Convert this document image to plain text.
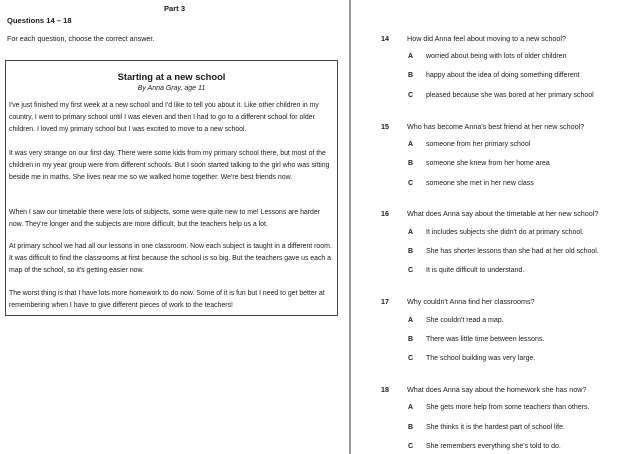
Part 3
Questions 14 – 18
For each question, choose the correct answer.
Starting at a new school
By Anna Gray, age 11

I've just finished my first week at a new school and I'd like to tell you about it. Like other children in my country, I went to primary school until I was eleven and then I had to go to a different school for older children. I loved my primary school but I was excited to move to a new school.

It was very strange on our first day. There were some kids from my primary school there, but most of the children in my year group were from different schools. But I soon started talking to the girl who was sitting beside me in maths. She lives near me so we walked home together. We're best friends now.

When I saw our timetable there were lots of subjects, some were quite new to me! Lessons are harder now. They're longer and the subjects are more difficult, but the teachers help us a lot.

At primary school we had all our lessons in one classroom. Now each subject is taught in a different room. It was difficult to find the classrooms at first because the school is so big. But the teachers gave us each a map of the school, so it's getting easier now.

The worst thing is that I have lots more homework to do now. Some of it is fun but I need to get better at remembering when I have to give different pieces of work to the teachers!

14	How did Anna feel about moving to a new school?
A	worried about being with lots of older children
B	happy about the idea of doing something different
C	pleased because she was bored at her primary school
15	Who has become Anna's best friend at her new school?
A	someone from her primary school
B	someone she knew from her home area
C	someone she met in her new class
16	What does Anna say about the timetable at her new school?
A	It includes subjects she didn't do at primary school.
B	She has shorter lessons than she had at her old school.
C	It is quite difficult to understand.
17	Why couldn't Anna find her classrooms?
A	She couldn't read a map.
B	There was little time between lessons.
C	The school building was very large.
18	What does Anna say about the homework she has now?
A	She gets more help from some teachers than others.
B	She thinks it is the hardest part of school life.
C	She remembers everything she's told to do.
